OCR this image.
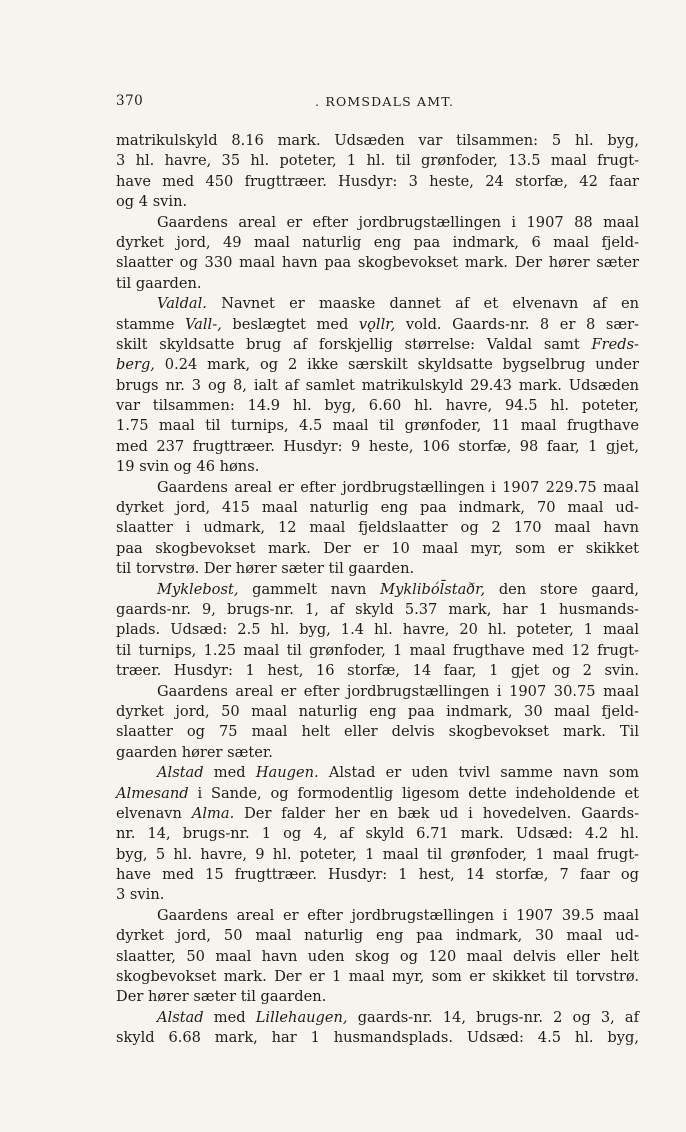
370	. ROMSDALS AMT.
matrikulskyld 8.16 mark. Udsæden var tilsammen: 5 hl. byg,
3 hl. havre, 35 hl. poteter, 1 hl. til grønfoder, 13.5 maal frugt-
have med 450 frugttræer. Husdyr: 3 heste, 24 storfæ, 42 faar
og 4 svin.
Gaardens areal er efter jordbrugstællingen i 1907 88 maal
dyrket jord, 49 maal naturlig eng paa indmark, 6 maal fjeld-
slaatter og 330 maal havn paa skogbevokset mark. Der hører sæter
til gaarden.
Valdal. Navnet er maaske dannet af et elvenavn af en
stamme Vall-, beslægtet med vǫllr, vold. Gaards-nr. 8 er 8 sær-
skilt skyldsatte brug af forskjellig størrelse: Valdal samt Freds-
berg, 0.24 mark, og 2 ikke særskilt skyldsatte bygselbrug under
brugs nr. 3 og 8, ialt af samlet matrikulskyld 29.43 mark. Udsæden
var tilsammen: 14.9 hl. byg, 6.60 hl. havre, 94.5 hl. poteter,
1.75 maal til turnips, 4.5 maal til grønfoder, 11 maal frugthave
med 237 frugttræer. Husdyr: 9 heste, 106 storfæ, 98 faar, 1 gjet,
19 svin og 46 høns.
Gaardens areal er efter jordbrugstællingen i 1907 229.75 maal
dyrket jord, 415 maal naturlig eng paa indmark, 70 maal ud-
slaatter i udmark, 12 maal fjeldslaatter og 2 170 maal havn
paa skogbevokset mark. Der er 10 maal myr, som er skikket
til torvstrø. Der hører sæter til gaarden.
Myklebost, gammelt navn Mykliból̄staðr, den store gaard,
gaards-nr. 9, brugs-nr. 1, af skyld 5.37 mark, har 1 husmands-
plads. Udsæd: 2.5 hl. byg, 1.4 hl. havre, 20 hl. poteter, 1 maal
til turnips, 1.25 maal til grønfoder, 1 maal frugthave med 12 frugt-
træer. Husdyr: 1 hest, 16 storfæ, 14 faar, 1 gjet og 2 svin.
Gaardens areal er efter jordbrugstællingen i 1907 30.75 maal
dyrket jord, 50 maal naturlig eng paa indmark, 30 maal fjeld-
slaatter og 75 maal helt eller delvis skogbevokset mark. Til
gaarden hører sæter.
Alstad med Haugen. Alstad er uden tvivl samme navn som
Almesand i Sande, og formodentlig ligesom dette indeholdende et
elvenavn Alma. Der falder her en bæk ud i hovedelven. Gaards-
nr. 14, brugs-nr. 1 og 4, af skyld 6.71 mark. Udsæd: 4.2 hl.
byg, 5 hl. havre, 9 hl. poteter, 1 maal til grønfoder, 1 maal frugt-
have med 15 frugttræer. Husdyr: 1 hest, 14 storfæ, 7 faar og
3 svin.
Gaardens areal er efter jordbrugstællingen i 1907 39.5 maal
dyrket jord, 50 maal naturlig eng paa indmark, 30 maal ud-
slaatter, 50 maal havn uden skog og 120 maal delvis eller helt
skogbevokset mark. Der er 1 maal myr, som er skikket til torvstrø.
Der hører sæter til gaarden.
Alstad med Lillehaugen, gaards-nr. 14, brugs-nr. 2 og 3, af
skyld 6.68 mark, har 1 husmandsplads. Udsæd: 4.5 hl. byg,
